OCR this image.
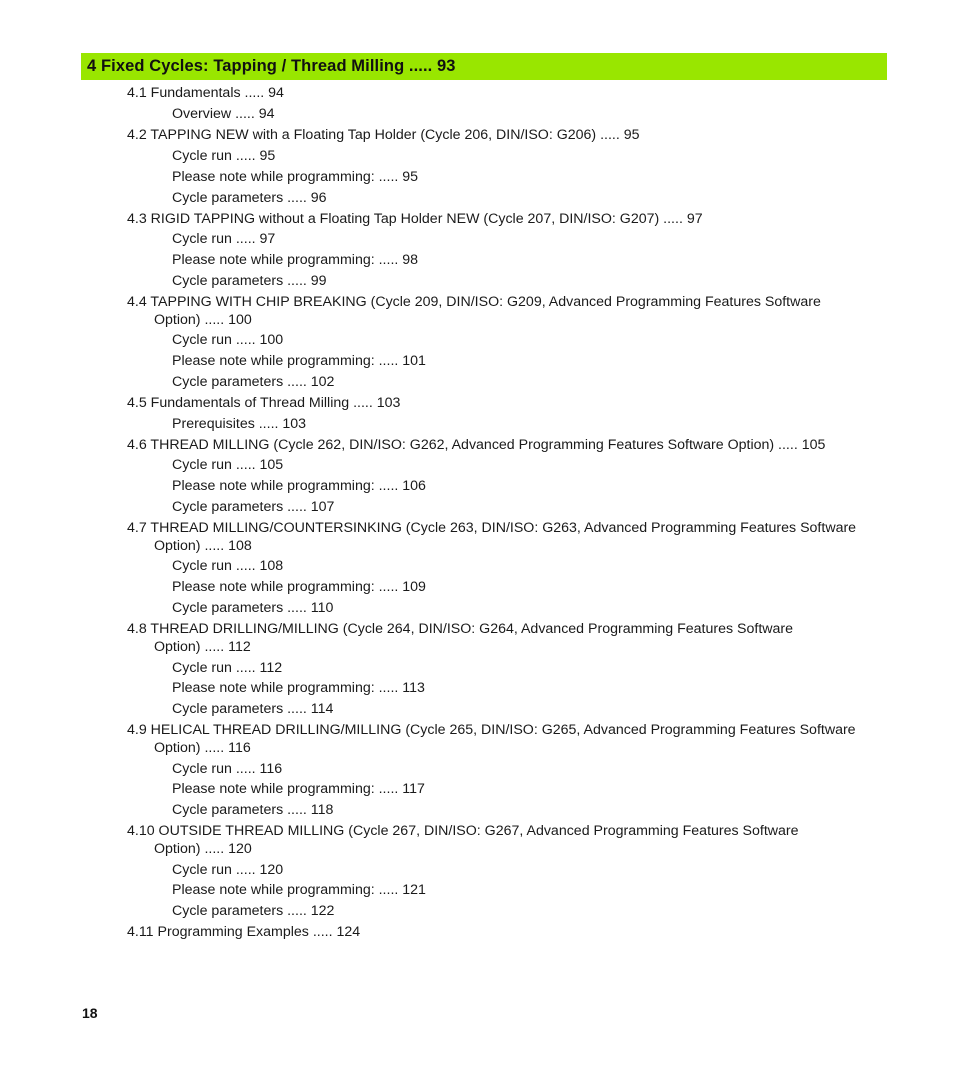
4 Fixed Cycles: Tapping / Thread Milling ..... 93
4.1 Fundamentals ..... 94
Overview ..... 94
4.2 TAPPING NEW with a Floating Tap Holder (Cycle 206, DIN/ISO: G206) ..... 95
Cycle run ..... 95
Please note while programming: ..... 95
Cycle parameters ..... 96
4.3 RIGID TAPPING without a Floating Tap Holder NEW (Cycle 207, DIN/ISO: G207) ..... 97
Cycle run ..... 97
Please note while programming: ..... 98
Cycle parameters ..... 99
4.4 TAPPING WITH CHIP BREAKING (Cycle 209, DIN/ISO: G209, Advanced Programming Features Software
Option) ..... 100
Cycle run ..... 100
Please note while programming: ..... 101
Cycle parameters ..... 102
4.5 Fundamentals of Thread Milling ..... 103
Prerequisites ..... 103
4.6 THREAD MILLING (Cycle 262, DIN/ISO: G262, Advanced Programming Features Software Option) ..... 105
Cycle run ..... 105
Please note while programming: ..... 106
Cycle parameters ..... 107
4.7 THREAD MILLING/COUNTERSINKING (Cycle 263, DIN/ISO: G263, Advanced Programming Features Software
Option) ..... 108
Cycle run ..... 108
Please note while programming: ..... 109
Cycle parameters ..... 110
4.8 THREAD DRILLING/MILLING (Cycle 264, DIN/ISO: G264, Advanced Programming Features Software
Option) ..... 112
Cycle run ..... 112
Please note while programming: ..... 113
Cycle parameters ..... 114
4.9 HELICAL THREAD DRILLING/MILLING (Cycle 265, DIN/ISO: G265, Advanced Programming Features Software
Option) ..... 116
Cycle run ..... 116
Please note while programming: ..... 117
Cycle parameters ..... 118
4.10 OUTSIDE THREAD MILLING (Cycle 267, DIN/ISO: G267, Advanced Programming Features Software
Option) ..... 120
Cycle run ..... 120
Please note while programming: ..... 121
Cycle parameters ..... 122
4.11 Programming Examples ..... 124
18
